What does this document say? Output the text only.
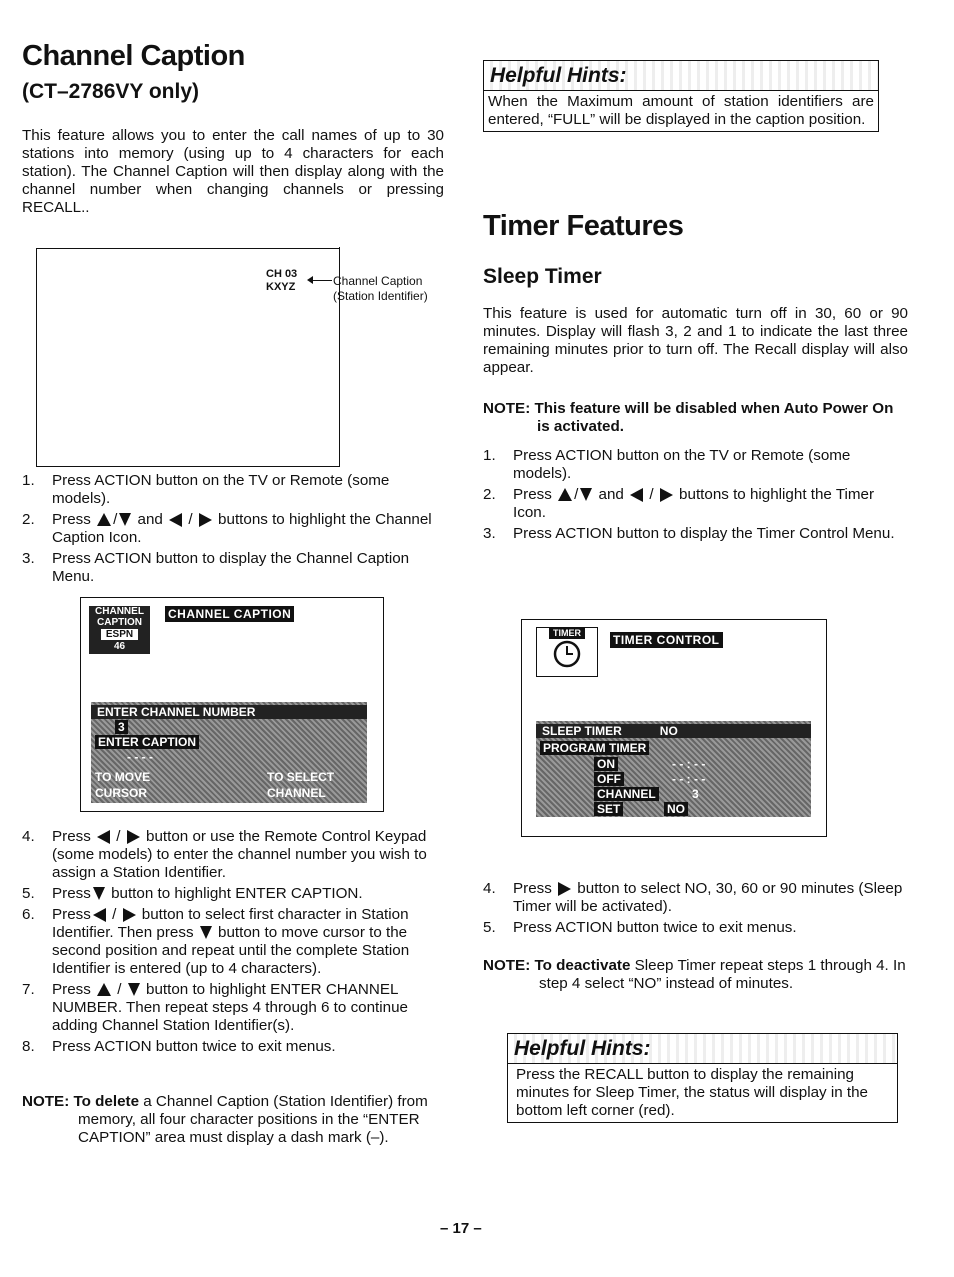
Channel Caption
(CT–2786VY only)
This feature allows you to enter the call names of up to 30 stations into memory (using up to 4 characters for each station). The Channel Caption will then display along with the channel number when changing channels or pressing RECALL..
CH 03
KXYZ	Channel Caption
(Station Identifier)
1. Press ACTION button on the TV or Remote (some models).
2. Press / and / buttons to highlight the Channel Caption Icon.
3. Press ACTION button to display the Channel Caption Menu.
CHANNEL
CAPTION
ESPN
46
CHANNEL CAPTION
ENTER CHANNEL NUMBER
3
ENTER CAPTION
- - - -
TO MOVE	TO SELECT
CURSOR	CHANNEL
4. Press / button or use the Remote Control Keypad (some models) to enter the channel number you wish to assign a Station Identifier.
5. Press button to highlight ENTER CAPTION.
6. Press / button to select first character in Station Identifier. Then press button to move cursor to the second position and repeat until the complete Station Identifier is entered (up to 4 characters).
7. Press / button to highlight ENTER CHANNEL NUMBER. Then repeat steps 4 through 6 to continue adding Channel Station Identifier(s).
8. Press ACTION button twice to exit menus.
NOTE: To delete a Channel Caption (Station Identifier) from memory, all four character positions in the “ENTER CAPTION” area must display a dash mark (–).
Helpful Hints:
When the Maximum amount of station identifiers are entered, “FULL” will be displayed in the caption position.
Timer Features
Sleep Timer
This feature is used for automatic turn off in 30, 60 or 90 minutes. Display will flash 3, 2 and 1 to indicate the last three remaining minutes prior to turn off. The Recall display will also appear.
NOTE: This feature will be disabled when Auto Power On is activated.
1. Press ACTION button on the TV or Remote (some models).
2. Press / and / buttons to highlight the Timer Icon.
3. Press ACTION button to display the Timer Control Menu.
TIMER	TIMER CONTROL
SLEEP TIMER	NO
PROGRAM TIMER
ON	- - : - -
OFF	- - : - -
CHANNEL	3
SET	NO
4. Press button to select NO, 30, 60 or 90 minutes (Sleep Timer will be activated).
5. Press ACTION button twice to exit menus.
NOTE: To deactivate Sleep Timer repeat steps 1 through 4. In step 4 select “NO” instead of minutes.
Helpful Hints:
Press the RECALL button to display the remaining minutes for Sleep Timer, the status will display in the bottom left corner (red).
– 17 –
